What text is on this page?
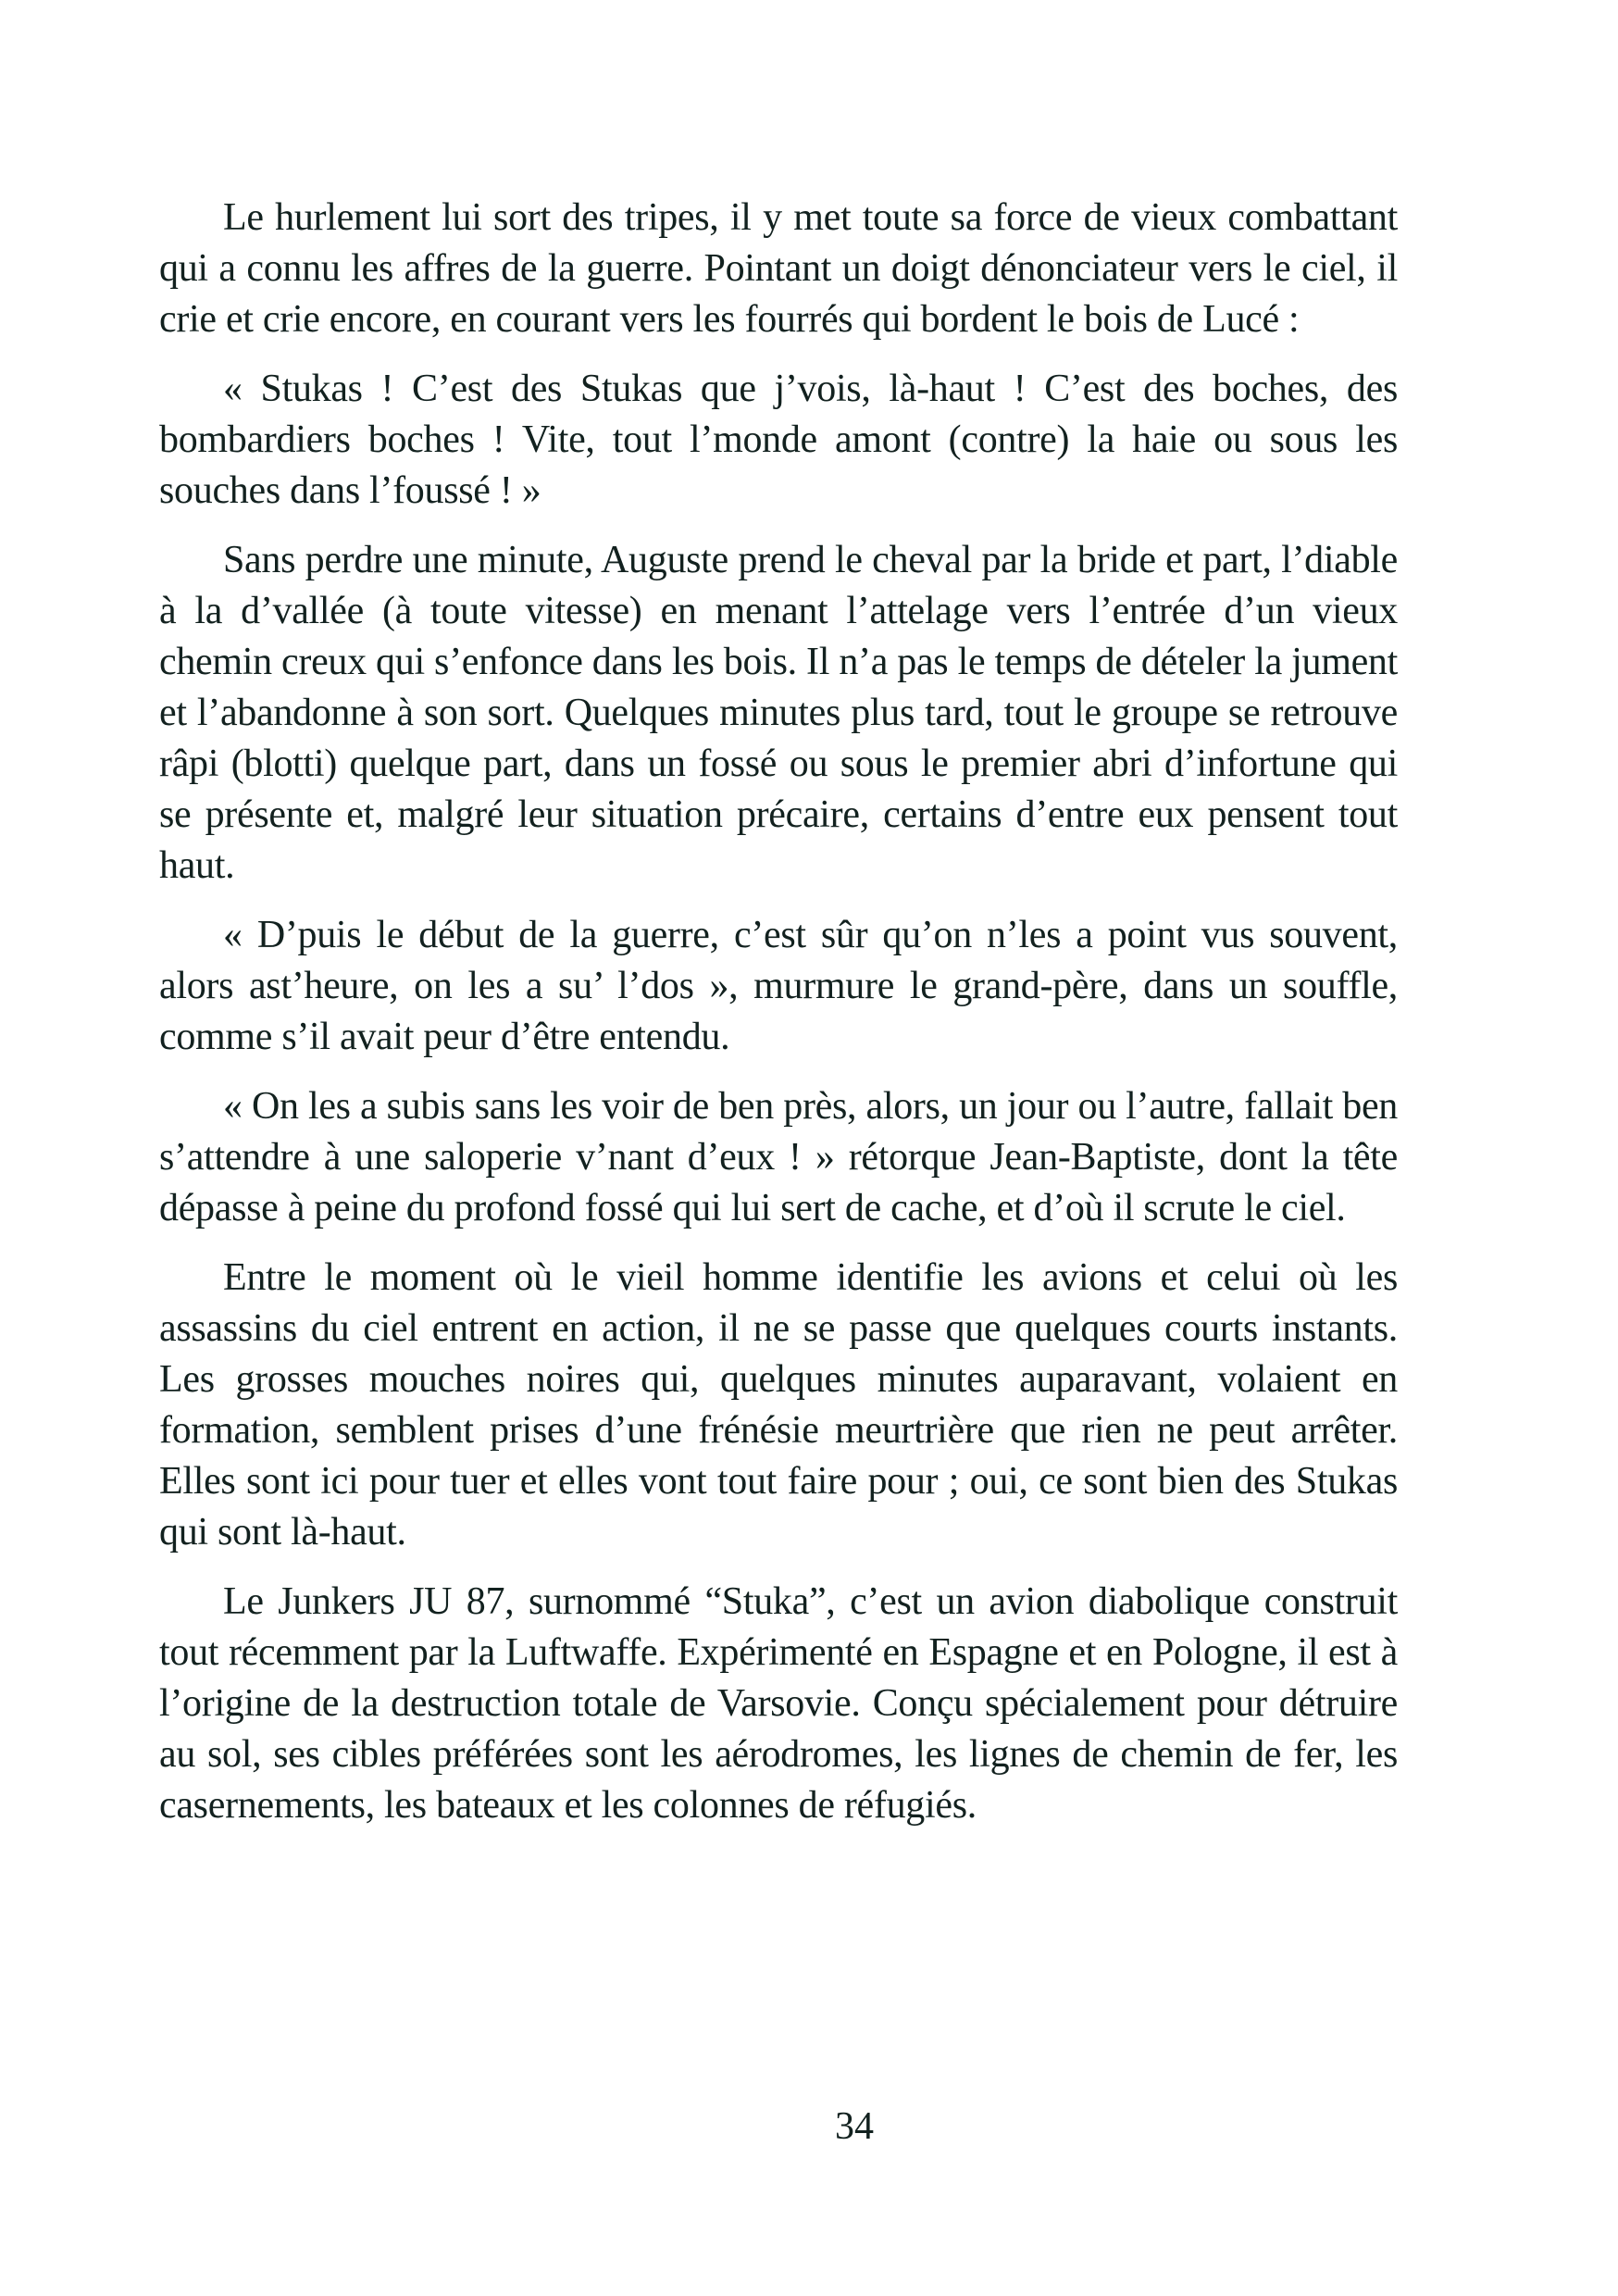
Le hurlement lui sort des tripes, il y met toute sa force de vieux combattant qui a connu les affres de la guerre. Pointant un doigt dénonciateur vers le ciel, il crie et crie encore, en courant vers les fourrés qui bordent le bois de Lucé :

« Stukas ! C’est des Stukas que j’vois, là-haut ! C’est des boches, des bombardiers boches ! Vite, tout l’monde amont (contre) la haie ou sous les souches dans l’foussé ! »

Sans perdre une minute, Auguste prend le cheval par la bride et part, l’diable à la d’vallée (à toute vitesse) en menant l’attelage vers l’entrée d’un vieux chemin creux qui s’enfonce dans les bois. Il n’a pas le temps de dételer la jument et l’abandonne à son sort. Quelques minutes plus tard, tout le groupe se retrouve râpi (blotti) quelque part, dans un fossé ou sous le premier abri d’infortune qui se présente et, malgré leur situation précaire, certains d’entre eux pensent tout haut.

« D’puis le début de la guerre, c’est sûr qu’on n’les a point vus souvent, alors ast’heure, on les a su’ l’dos », murmure le grand-père, dans un souffle, comme s’il avait peur d’être entendu.

« On les a subis sans les voir de ben près, alors, un jour ou l’autre, fallait ben s’attendre à une saloperie v’nant d’eux ! » rétorque Jean-Baptiste, dont la tête dépasse à peine du profond fossé qui lui sert de cache, et d’où il scrute le ciel.

Entre le moment où le vieil homme identifie les avions et celui où les assassins du ciel entrent en action, il ne se passe que quelques courts instants. Les grosses mouches noires qui, quelques minutes auparavant, volaient en formation, semblent prises d’une frénésie meurtrière que rien ne peut arrêter. Elles sont ici pour tuer et elles vont tout faire pour ; oui, ce sont bien des Stukas qui sont là-haut.

Le Junkers JU 87, surnommé “Stuka”, c’est un avion diabolique construit tout récemment par la Luftwaffe. Expérimenté en Espagne et en Pologne, il est à l’origine de la destruction totale de Varsovie. Conçu spécialement pour détruire au sol, ses cibles préférées sont les aérodromes, les lignes de chemin de fer, les casernements, les bateaux et les colonnes de réfugiés.

34
